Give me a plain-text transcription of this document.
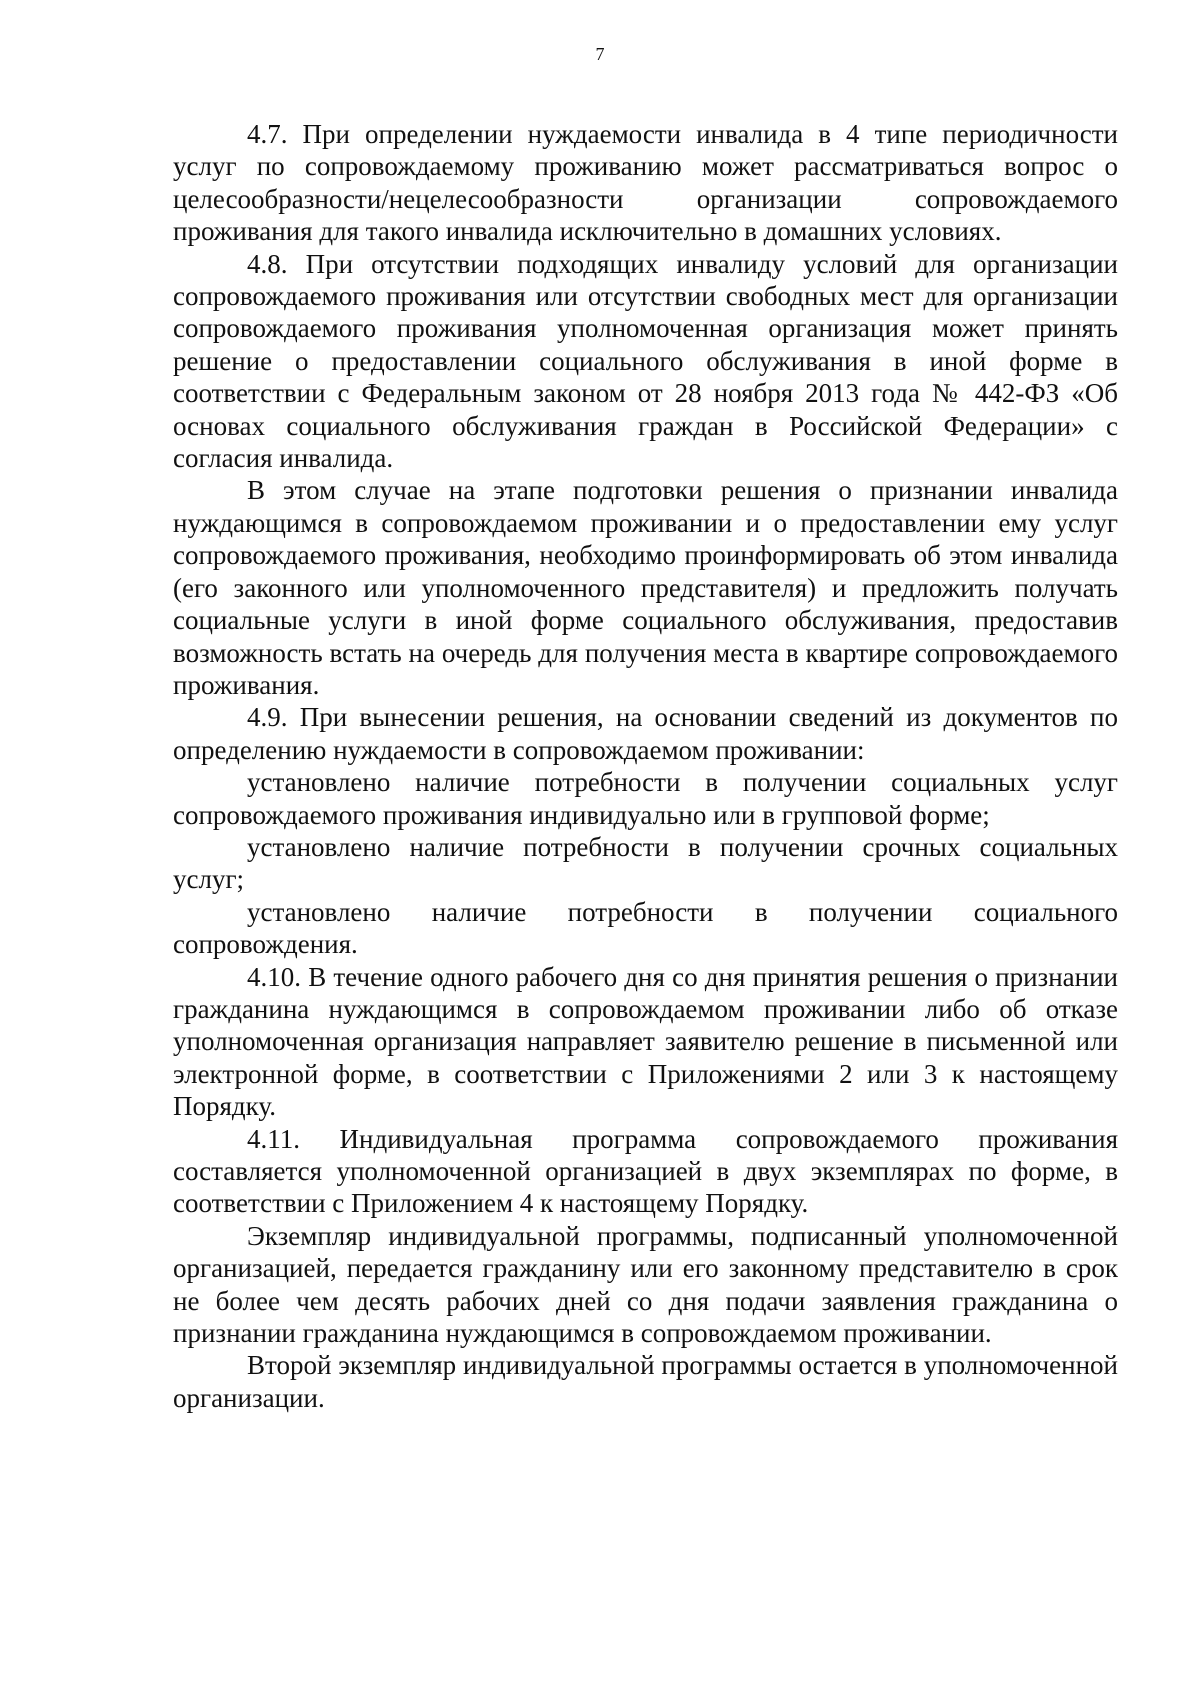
7

4.7. При определении нуждаемости инвалида в 4 типе периодичности услуг по сопровождаемому проживанию может рассматриваться вопрос о целесообразности/нецелесообразности организации сопровождаемого проживания для такого инвалида исключительно в домашних условиях.

4.8. При отсутствии подходящих инвалиду условий для организации сопровождаемого проживания или отсутствии свободных мест для организации сопровождаемого проживания уполномоченная организация может принять решение о предоставлении социального обслуживания в иной форме в соответствии с Федеральным законом от 28 ноября 2013 года № 442-ФЗ «Об основах социального обслуживания граждан в Российской Федерации» с согласия инвалида.

В этом случае на этапе подготовки решения о признании инвалида нуждающимся в сопровождаемом проживании и о предоставлении ему услуг сопровождаемого проживания, необходимо проинформировать об этом инвалида (его законного или уполномоченного представителя) и предложить получать социальные услуги в иной форме социального обслуживания, предоставив возможность встать на очередь для получения места в квартире сопровождаемого проживания.

4.9. При вынесении решения, на основании сведений из документов по определению нуждаемости в сопровождаемом проживании:

установлено наличие потребности в получении социальных услуг сопровождаемого проживания индивидуально или в групповой форме;

установлено наличие потребности в получении срочных социальных услуг;

установлено наличие потребности в получении социального сопровождения.

4.10. В течение одного рабочего дня со дня принятия решения о признании гражданина нуждающимся в сопровождаемом проживании либо об отказе уполномоченная организация направляет заявителю решение в письменной или электронной форме, в соответствии с Приложениями 2 или 3 к настоящему Порядку.

4.11. Индивидуальная программа сопровождаемого проживания составляется уполномоченной организацией в двух экземплярах по форме, в соответствии с Приложением 4 к настоящему Порядку.

Экземпляр индивидуальной программы, подписанный уполномоченной организацией, передается гражданину или его законному представителю в срок не более чем десять рабочих дней со дня подачи заявления гражданина о признании гражданина нуждающимся в сопровождаемом проживании.

Второй экземпляр индивидуальной программы остается в уполномоченной организации.
